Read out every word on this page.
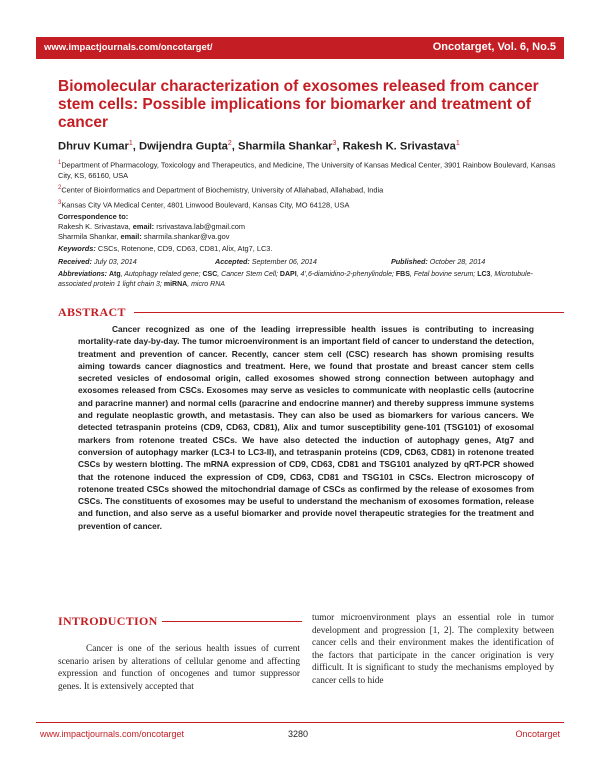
www.impactjournals.com/oncotarget/	Oncotarget, Vol. 6, No.5
Biomolecular characterization of exosomes released from cancer stem cells: Possible implications for biomarker and treatment of cancer
Dhruv Kumar$^1$, Dwijendra Gupta$^2$, Sharmila Shankar$^3$, Rakesh K. Srivastava$^1$
$^1$Department of Pharmacology, Toxicology and Therapeutics, and Medicine, The University of Kansas Medical Center, 3901 Rainbow Boulevard, Kansas City, KS, 66160, USA
$^2$Center of Bioinformatics and Department of Biochemistry, University of Allahabad, Allahabad, India
$^3$Kansas City VA Medical Center, 4801 Linwood Boulevard, Kansas City, MO 64128, USA
Correspondence to:
Rakesh K. Srivastava, email: rsrivastava.lab@gmail.com
Sharmila Shankar, email: sharmila.shankar@va.gov
Keywords: CSCs, Rotenone, CD9, CD63, CD81, Alix, Atg7, LC3.
Received: July 03, 2014	Accepted: September 06, 2014	Published: October 28, 2014
Abbreviations: Atg, Autophagy related gene; CSC, Cancer Stem Cell; DAPI, 4’,6-diamidino-2-phenylindole; FBS, Fetal bovine serum; LC3, Microtubule-associated protein 1 light chain 3; miRNA, micro RNA
ABSTRACT
Cancer recognized as one of the leading irrepressible health issues is contributing to increasing mortality-rate day-by-day. The tumor microenvironment is an important field of cancer to understand the detection, treatment and prevention of cancer. Recently, cancer stem cell (CSC) research has shown promising results aiming towards cancer diagnostics and treatment. Here, we found that prostate and breast cancer stem cells secreted vesicles of endosomal origin, called exosomes showed strong connection between autophagy and exosomes released from CSCs. Exosomes may serve as vesicles to communicate with neoplastic cells (autocrine and paracrine manner) and normal cells (paracrine and endocrine manner) and thereby suppress immune systems and regulate neoplastic growth, and metastasis. They can also be used as biomarkers for various cancers. We detected tetraspanin proteins (CD9, CD63, CD81), Alix and tumor susceptibility gene-101 (TSG101) of exosomal markers from rotenone treated CSCs. We have also detected the induction of autophagy genes, Atg7 and conversion of autophagy marker (LC3-I to LC3-II), and tetraspanin proteins (CD9, CD63, CD81) in rotenone treated CSCs by western blotting. The mRNA expression of CD9, CD63, CD81 and TSG101 analyzed by qRT-PCR showed that the rotenone induced the expression of CD9, CD63, CD81 and TSG101 in CSCs. Electron microscopy of rotenone treated CSCs showed the mitochondrial damage of CSCs as confirmed by the release of exosomes from CSCs. The constituents of exosomes may be useful to understand the mechanism of exosomes formation, release and function, and also serve as a useful biomarker and provide novel therapeutic strategies for the treatment and prevention of cancer.
INTRODUCTION
Cancer is one of the serious health issues of current scenario arisen by alterations of cellular genome and affecting expression and function of oncogenes and tumor suppressor genes. It is extensively accepted that
tumor microenvironment plays an essential role in tumor development and progression [1, 2]. The complexity between cancer cells and their environment makes the identification of the factors that participate in the cancer origination is very difficult. It is significant to study the mechanisms employed by cancer cells to hide
www.impactjournals.com/oncotarget	3280	Oncotarget
